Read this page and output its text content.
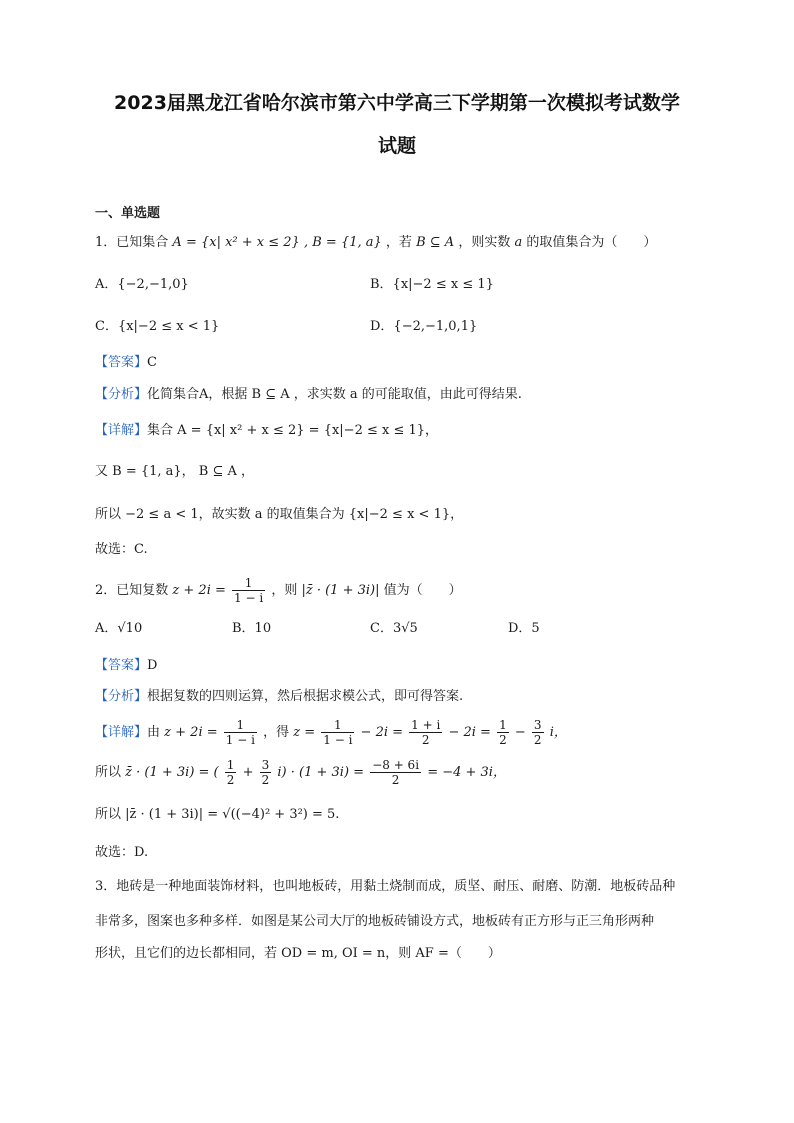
2023届黑龙江省哈尔滨市第六中学高三下学期第一次模拟考试数学
试题
一、单选题
1．已知集合 A = {x| x² + x ≤ 2} , B = {1, a} ，若 B ⊆ A ，则实数 a 的取值集合为（　　）
A．{−2,−1,0}	B．{x|−2 ≤ x ≤ 1}
C．{x|−2 ≤ x < 1}	D．{−2,−1,0,1}
【答案】C
【分析】化简集合A，根据 B ⊆ A ，求实数 a 的可能取值，由此可得结果.
【详解】集合 A = {x| x² + x ≤ 2} = {x|−2 ≤ x ≤ 1}，
又 B = {1, a}， B ⊆ A ，
所以 −2 ≤ a < 1，故实数 a 的取值集合为 {x|−2 ≤ x < 1}，
故选：C.
2．已知复数 $z + 2i = \frac{1}{1 - i}$ ，则 |z̄ · (1 + 3i)| 值为（　　）
A．√10	B．10	C．3√5	D．5
【答案】D
【分析】根据复数的四则运算，然后根据求模公式，即可得答案.
【详解】由 $z + 2i = \frac{1}{1 - i}$ ，得 $z = \frac{1}{1 - i} - 2i = \frac{1 + i}{2} - 2i = \frac{1}{2} - \frac{3}{2}$ i，
所以 z̄ · (1 + 3i) = ( $\frac{1}{2} + \frac{3}{2} i) \cdot (1 + 3i) = \frac{-8 + 6i}{2} = -4 + 3i$，
所以 |z̄ · (1 + 3i)| = √((−4)² + 3²) = 5.
故选：D.
3．地砖是一种地面装饰材料，也叫地板砖，用黏土烧制而成，质坚、耐压、耐磨、防潮．地板砖品种
非常多，图案也多种多样．如图是某公司大厅的地板砖铺设方式，地板砖有正方形与正三角形两种
形状，且它们的边长都相同，若 OD = m, OI = n，则 AF =（　　）
